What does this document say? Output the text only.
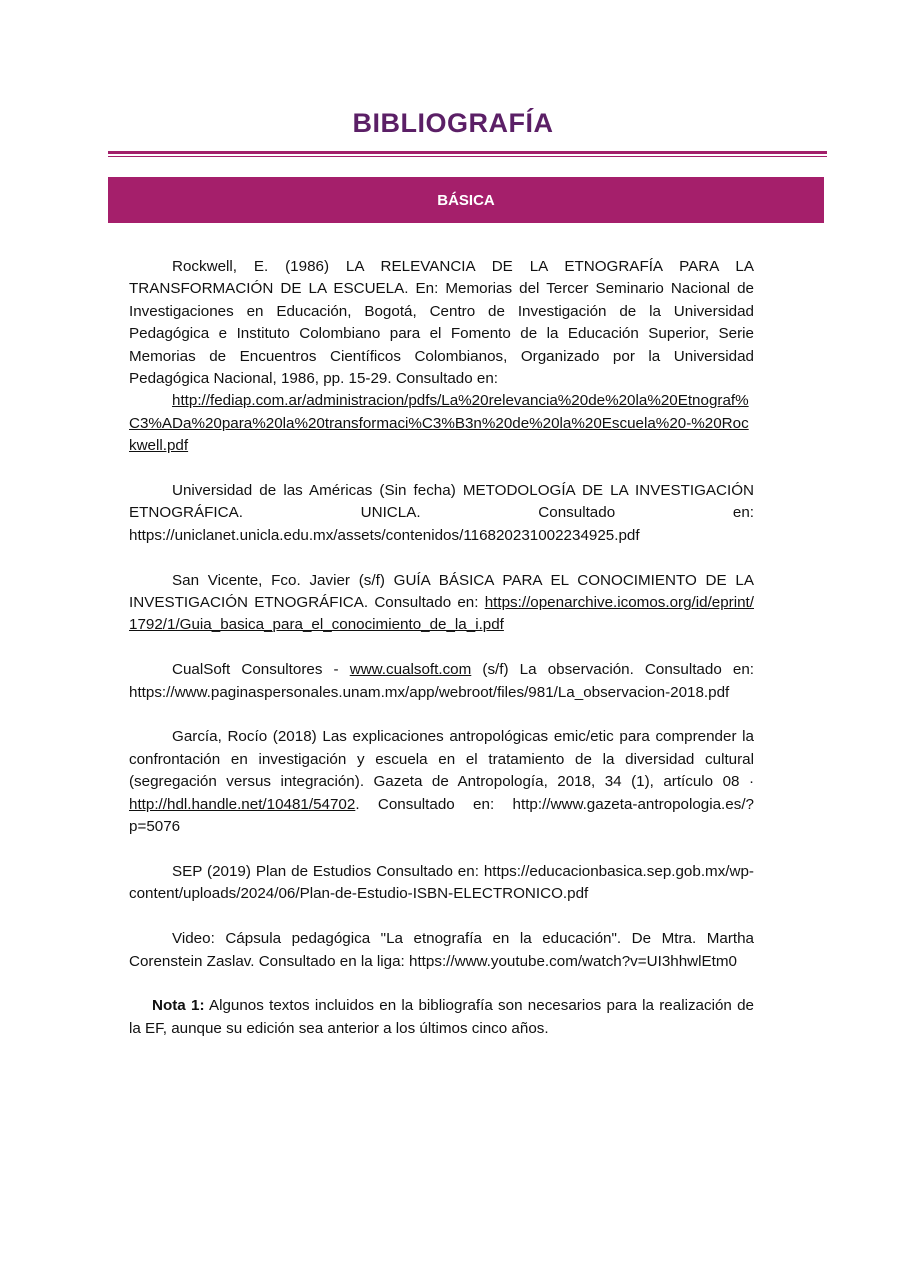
BIBLIOGRAFÍA
BÁSICA

Rockwell, E. (1986) LA RELEVANCIA DE LA ETNOGRAFÍA PARA LA TRANSFORMACIÓN DE LA ESCUELA. En: Memorias del Tercer Seminario Nacional de Investigaciones en Educación, Bogotá, Centro de Investigación de la Universidad Pedagógica e Instituto Colombiano para el Fomento de la Educación Superior, Serie Memorias de Encuentros Científicos Colombianos, Organizado por la Universidad Pedagógica Nacional, 1986, pp. 15-29. Consultado en:
http://fediap.com.ar/administracion/pdfs/La%20relevancia%20de%20la%20Etnograf%C3%ADa%20para%20la%20transformaci%C3%B3n%20de%20la%20Escuela%20-%20Rockwell.pdf

Universidad de las Américas (Sin fecha) METODOLOGÍA DE LA INVESTIGACIÓN ETNOGRÁFICA. UNICLA. Consultado en: https://uniclanet.unicla.edu.mx/assets/contenidos/116820231002234925.pdf

San Vicente, Fco. Javier (s/f) GUÍA BÁSICA PARA EL CONOCIMIENTO DE LA INVESTIGACIÓN ETNOGRÁFICA. Consultado en: https://openarchive.icomos.org/id/eprint/1792/1/Guia_basica_para_el_conocimiento_de_la_i.pdf

CualSoft Consultores - www.cualsoft.com (s/f) La observación. Consultado en: https://www.paginaspersonales.unam.mx/app/webroot/files/981/La_observacion-2018.pdf

García, Rocío (2018) Las explicaciones antropológicas emic/etic para comprender la confrontación en investigación y escuela en el tratamiento de la diversidad cultural (segregación versus integración). Gazeta de Antropología, 2018, 34 (1), artículo 08 · http://hdl.handle.net/10481/54702. Consultado en: http://www.gazeta-antropologia.es/?p=5076

SEP (2019) Plan de Estudios Consultado en: https://educacionbasica.sep.gob.mx/wp-content/uploads/2024/06/Plan-de-Estudio-ISBN-ELECTRONICO.pdf

Video: Cápsula pedagógica "La etnografía en la educación". De Mtra. Martha Corenstein Zaslav. Consultado en la liga: https://www.youtube.com/watch?v=UI3hhwlEtm0

Nota 1: Algunos textos incluidos en la bibliografía son necesarios para la realización de la EF, aunque su edición sea anterior a los últimos cinco años.
